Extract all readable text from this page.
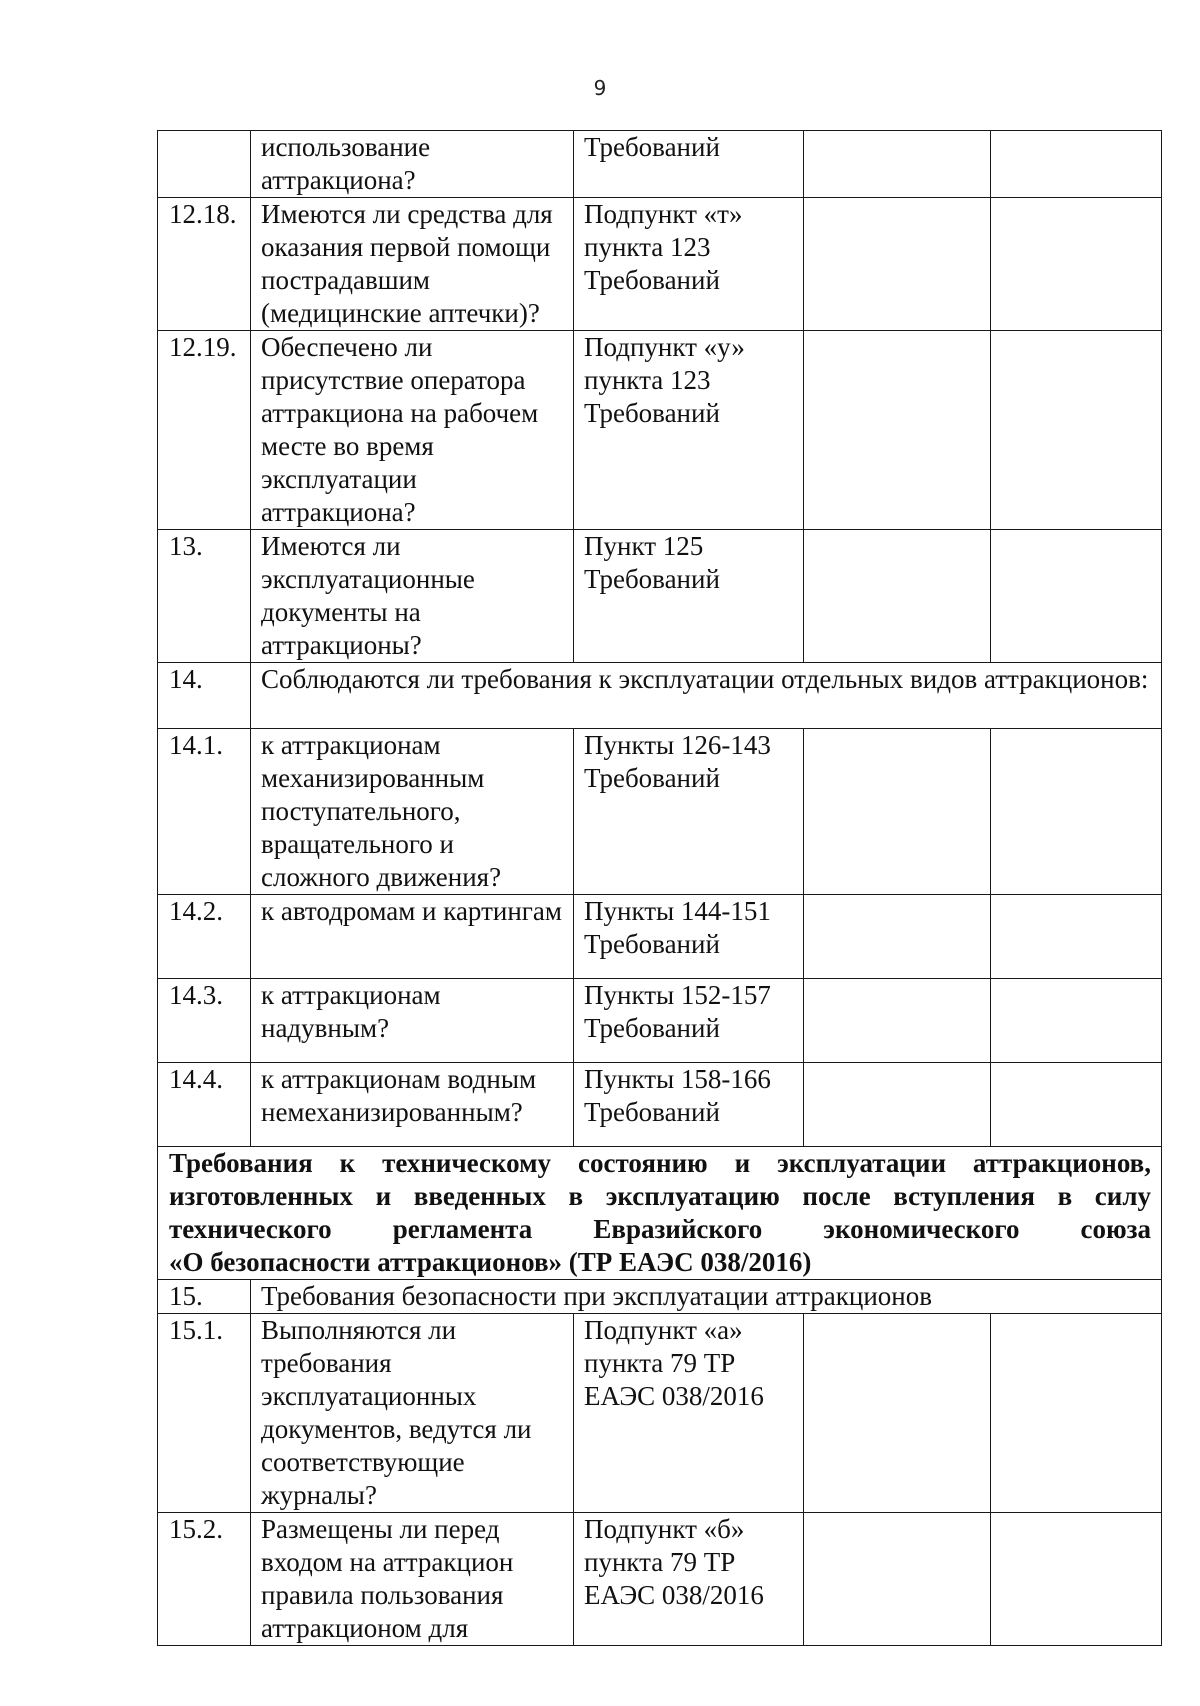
9
	использование аттракциона?	Требований		
12.18.	Имеются ли средства для оказания первой помощи пострадавшим (медицинские аптечки)?	Подпункт «т» пункта 123 Требований		
12.19.	Обеспечено ли присутствие оператора аттракциона на рабочем месте во время эксплуатации аттракциона?	Подпункт «у» пункта 123 Требований		
13.	Имеются ли эксплуатационные документы на аттракционы?	Пункт 125 Требований		
14.	Соблюдаются ли требования к эксплуатации отдельных видов аттракционов:			
14.1.	к аттракционам механизированным поступательного, вращательного и сложного движения?	Пункты 126-143 Требований		
14.2.	к автодромам и картингам	Пункты 144-151 Требований		
14.3.	к аттракционам надувным?	Пункты 152-157 Требований		
14.4.	к аттракционам водным немеханизированным?	Пункты 158-166 Требований		

Требования к техническому состоянию и эксплуатации аттракционов, изготовленных и введенных в эксплуатацию после вступления в силу технического регламента Евразийского экономического союза
«О безопасности аттракционов» (ТР ЕАЭС 038/2016)				

15.	Требования безопасности при эксплуатации аттракционов			
15.1.	Выполняются ли требования эксплуатационных документов, ведутся ли соответствующие журналы?	Подпункт «а» пункта 79 ТР ЕАЭС 038/2016		
15.2.	Размещены ли перед входом на аттракцион правила пользования аттракционом для	Подпункт «б» пункта 79 ТР ЕАЭС 038/2016		
